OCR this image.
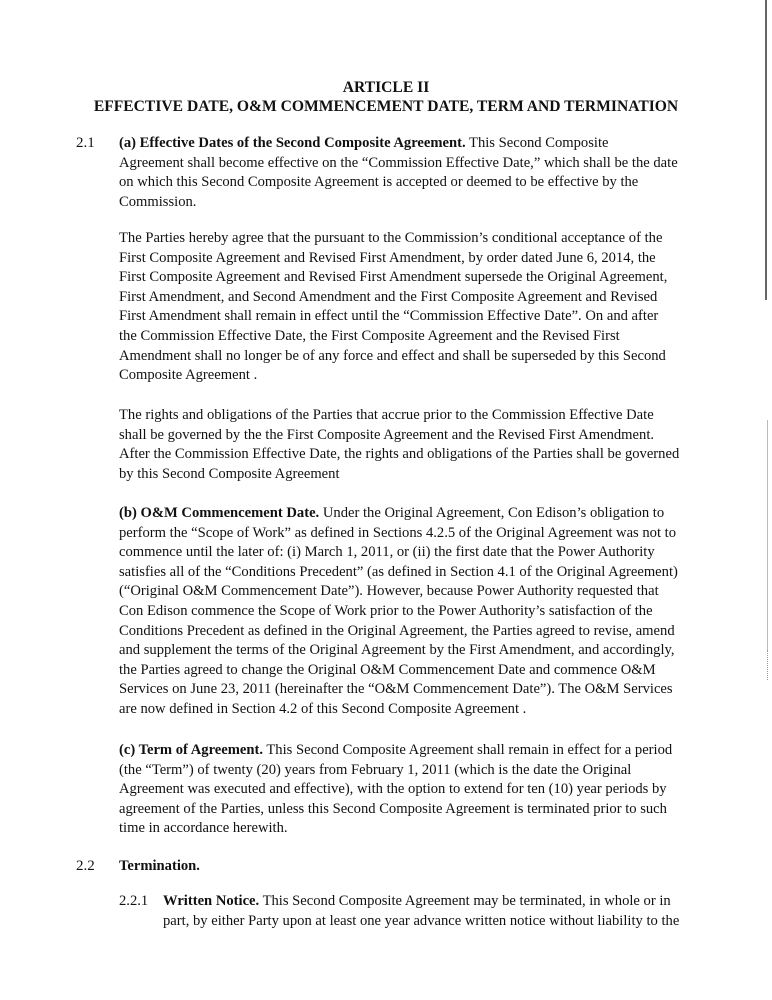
ARTICLE II
EFFECTIVE DATE, O&M COMMENCEMENT DATE, TERM AND TERMINATION
2.1 (a) Effective Dates of the Second Composite Agreement. This Second Composite
Agreement shall become effective on the “Commission Effective Date,” which shall be the date
on which this Second Composite Agreement is accepted or deemed to be effective by the
Commission.
The Parties hereby agree that the pursuant to the Commission’s conditional acceptance of the
First Composite Agreement and Revised First Amendment, by order dated June 6, 2014, the
First Composite Agreement and Revised First Amendment supersede the Original Agreement,
First Amendment, and Second Amendment and the First Composite Agreement and Revised
First Amendment shall remain in effect until the “Commission Effective Date”. On and after
the Commission Effective Date, the First Composite Agreement and the Revised First
Amendment shall no longer be of any force and effect and shall be superseded by this Second
Composite Agreement .
The rights and obligations of the Parties that accrue prior to the Commission Effective Date
shall be governed by the the First Composite Agreement and the Revised First Amendment.
After the Commission Effective Date, the rights and obligations of the Parties shall be governed
by this Second Composite Agreement
(b) O&M Commencement Date. Under the Original Agreement, Con Edison’s obligation to
perform the “Scope of Work” as defined in Sections 4.2.5 of the Original Agreement was not to
commence until the later of: (i) March 1, 2011, or (ii) the first date that the Power Authority
satisfies all of the “Conditions Precedent” (as defined in Section 4.1 of the Original Agreement)
(“Original O&M Commencement Date”). However, because Power Authority requested that
Con Edison commence the Scope of Work prior to the Power Authority’s satisfaction of the
Conditions Precedent as defined in the Original Agreement, the Parties agreed to revise, amend
and supplement the terms of the Original Agreement by the First Amendment, and accordingly,
the Parties agreed to change the Original O&M Commencement Date and commence O&M
Services on June 23, 2011 (hereinafter the “O&M Commencement Date”). The O&M Services
are now defined in Section 4.2 of this Second Composite Agreement .
(c) Term of Agreement. This Second Composite Agreement shall remain in effect for a period
(the “Term”) of twenty (20) years from February 1, 2011 (which is the date the Original
Agreement was executed and effective), with the option to extend for ten (10) year periods by
agreement of the Parties, unless this Second Composite Agreement is terminated prior to such
time in accordance herewith.
2.2 Termination.
2.2.1 Written Notice. This Second Composite Agreement may be terminated, in whole or in
part, by either Party upon at least one year advance written notice without liability to the
